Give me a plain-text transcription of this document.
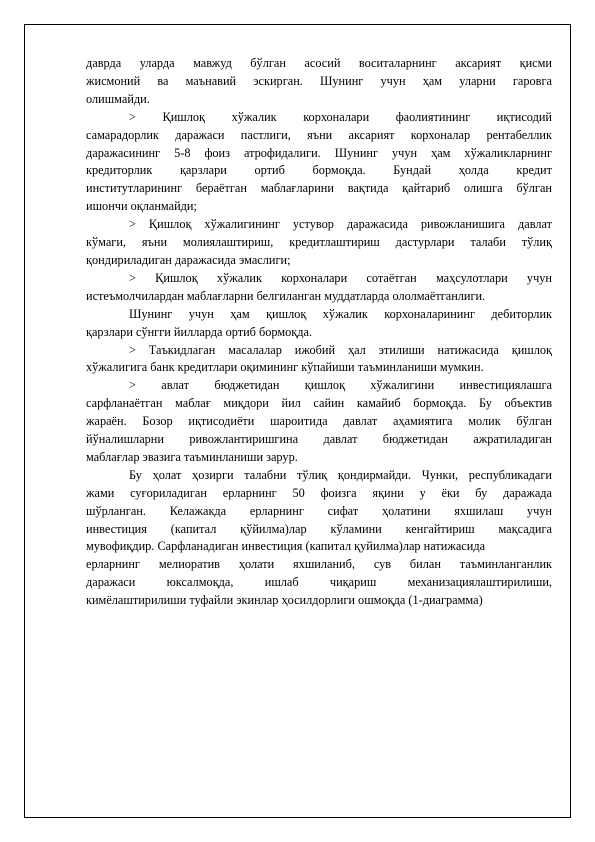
даврда уларда мавжуд бўлган асосий воситаларнинг аксарият қисми
жисмоний ва маънавий эскирган. Шунинг учун ҳам уларни гаровга
олишмайди.

> Қишлоқ хўжалик корхоналари фаолиятининг иқтисодий
самарадорлик даражаси пастлиги, яъни аксарият корхоналар рентабеллик
даражасининг 5-8 фоиз атрофидалиги. Шунинг учун ҳам хўжаликларнинг
кредиторлик қарзлари ортиб бормоқда. Бундай ҳолда кредит
институтларининг бераётган маблағларини вақтида қайтариб олишга бўлган
ишончи оқланмайди;

> Қишлоқ хўжалигининг устувор даражасида ривожланишига давлат
кўмаги, яъни молиялаштириш, кредитлаштириш дастурлари талаби тўлиқ
қондириладиган даражасида эмаслиги;

> Қишлоқ хўжалик корхоналари сотаётган маҳсулотлари учун
истеъмолчилардан маблағларни белгиланган муддатларда ололмаётганлиги.

Шунинг учун ҳам қишлоқ хўжалик корхоналарининг дебиторлик
қарзлари сўнгги йилларда ортиб бормоқда.

> Таъкидлаган масалалар ижобий ҳал этилиши натижасида қишлоқ
хўжалигига банк кредитлари оқимининг кўпайиши таъминланиши мумкин.

> авлат бюджетидан қишлоқ хўжалигини инвестициялашга
сарфланаётган маблағ миқдори йил сайин камайиб бормоқда. Бу объектив
жараён. Бозор иқтисодиёти шароитида давлат аҳамиятига молик бўлган
йўналишларни ривожлантиришгина давлат бюджетидан ажратиладиган
маблағлар эвазига таъминланиши зарур.

Бу ҳолат ҳозирги талабни тўлиқ қондирмайди. Чунки, республикадаги
жами суғориладиган ерларнинг 50 фоизга яқини у ёки бу даражада
шўрланган. Келажакда ерларнинг сифат ҳолатини яхшилаш учун
инвестиция (капитал қўйилма)лар кўламини кенгайтириш мақсадига
мувофиқдир. Сарфланадиган инвестиция (капитал қуйилма)лар натижасида
ерларнинг мелиоратив ҳолати яхшиланиб, сув билан таъминланганлик
даражаси юксалмоқда, ишлаб чиқариш механизациялаштирилиши,
кимёлаштирилиши туфайли экинлар ҳосилдорлиги ошмоқда (1-диаграмма)
